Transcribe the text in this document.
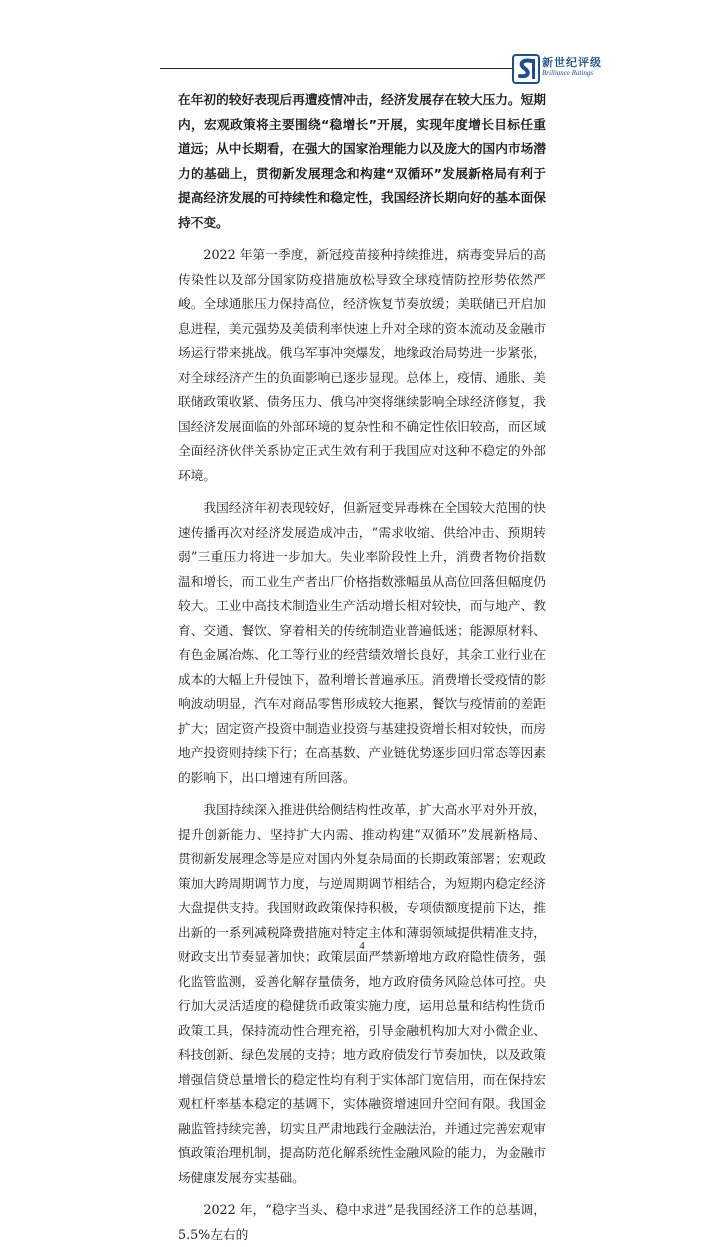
新世纪评级
Brilliance Ratings

在年初的较好表现后再遭疫情冲击，经济发展存在较大压力。短期内，宏观政策将主要围绕“稳增长”开展，实现年度增长目标任重道远；从中长期看，在强大的国家治理能力以及庞大的国内市场潜力的基础上，贯彻新发展理念和构建“双循环”发展新格局有利于提高经济发展的可持续性和稳定性，我国经济长期向好的基本面保持不变。

2022 年第一季度，新冠疫苗接种持续推进，病毒变异后的高传染性以及部分国家防疫措施放松导致全球疫情防控形势依然严峻。全球通胀压力保持高位，经济恢复节奏放缓；美联储已开启加息进程，美元强势及美债利率快速上升对全球的资本流动及金融市场运行带来挑战。俄乌军事冲突爆发，地缘政治局势进一步紧张，对全球经济产生的负面影响已逐步显现。总体上，疫情、通胀、美联储政策收紧、债务压力、俄乌冲突将继续影响全球经济修复，我国经济发展面临的外部环境的复杂性和不确定性依旧较高，而区域全面经济伙伴关系协定正式生效有利于我国应对这种不稳定的外部环境。

我国经济年初表现较好，但新冠变异毒株在全国较大范围的快速传播再次对经济发展造成冲击，“需求收缩、供给冲击、预期转弱”三重压力将进一步加大。失业率阶段性上升，消费者物价指数温和增长，而工业生产者出厂价格指数涨幅虽从高位回落但幅度仍较大。工业中高技术制造业生产活动增长相对较快，而与地产、教育、交通、餐饮、穿着相关的传统制造业普遍低迷；能源原材料、有色金属冶炼、化工等行业的经营绩效增长良好，其余工业行业在成本的大幅上升侵蚀下，盈利增长普遍承压。消费增长受疫情的影响波动明显，汽车对商品零售形成较大拖累，餐饮与疫情前的差距扩大；固定资产投资中制造业投资与基建投资增长相对较快，而房地产投资则持续下行；在高基数、产业链优势逐步回归常态等因素的影响下，出口增速有所回落。

我国持续深入推进供给侧结构性改革，扩大高水平对外开放，提升创新能力、坚持扩大内需、推动构建“双循环”发展新格局、贯彻新发展理念等是应对国内外复杂局面的长期政策部署；宏观政策加大跨周期调节力度，与逆周期调节相结合，为短期内稳定经济大盘提供支持。我国财政政策保持积极，专项债额度提前下达，推出新的一系列减税降费措施对特定主体和薄弱领域提供精准支持，财政支出节奏显著加快；政策层面严禁新增地方政府隐性债务，强化监管监测，妥善化解存量债务，地方政府债务风险总体可控。央行加大灵活适度的稳健货币政策实施力度，运用总量和结构性货币政策工具，保持流动性合理充裕，引导金融机构加大对小微企业、科技创新、绿色发展的支持；地方政府债发行节奏加快，以及政策增强信贷总量增长的稳定性均有利于实体部门宽信用，而在保持宏观杠杆率基本稳定的基调下，实体融资增速回升空间有限。我国金融监管持续完善，切实且严肃地践行金融法治，并通过完善宏观审慎政策治理机制，提高防范化解系统性金融风险的能力，为金融市场健康发展夯实基础。

2022 年，“稳字当头、稳中求进”是我国经济工作的总基调，5.5%左右的

4
